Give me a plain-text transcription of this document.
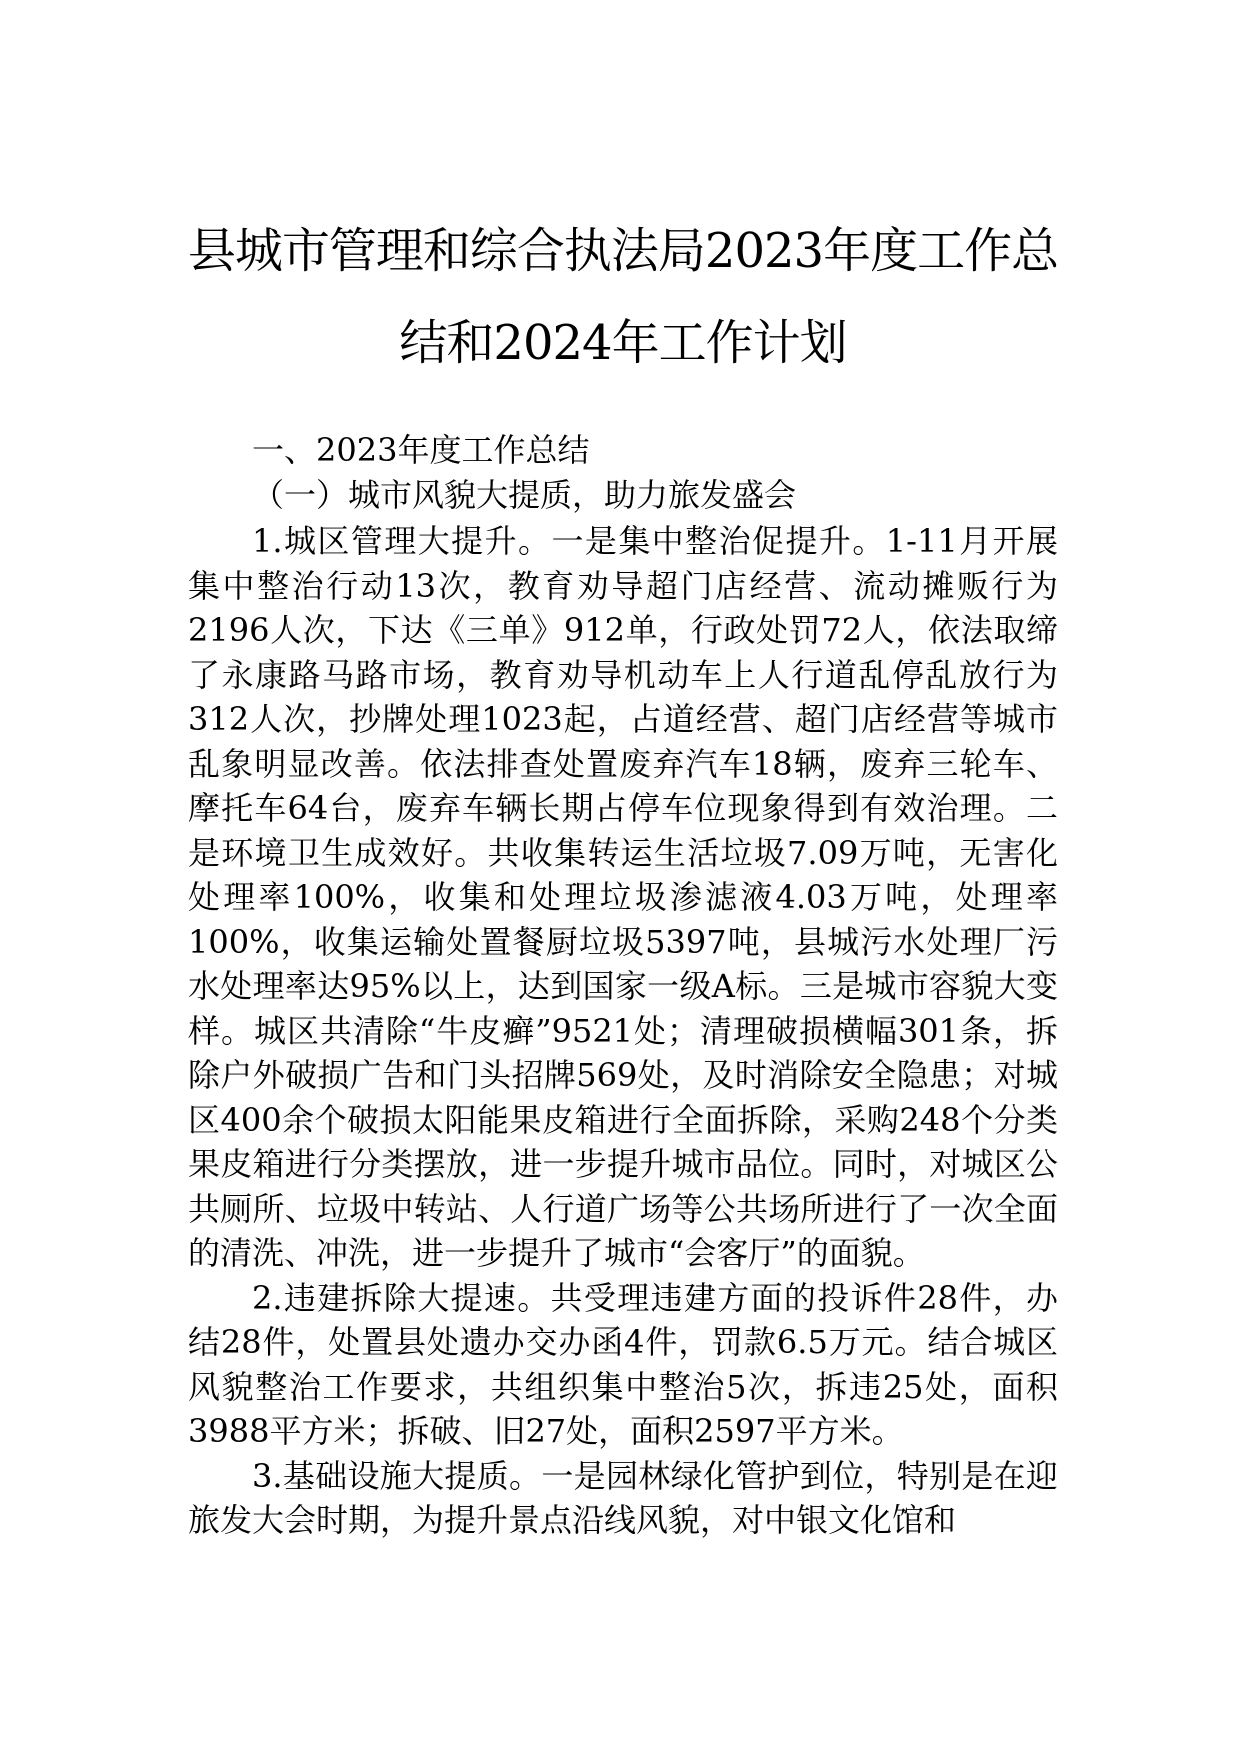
县城市管理和综合执法局2023年度工作总
结和2024年工作计划
一、2023年度工作总结
（一）城市风貌大提质，助力旅发盛会

1.城区管理大提升。一是集中整治促提升。1-11月开展集中整治行动13次，教育劝导超门店经营、流动摊贩行为2196人次，下达《三单》912单，行政处罚72人，依法取缔了永康路马路市场，教育劝导机动车上人行道乱停乱放行为312人次，抄牌处理1023起，占道经营、超门店经营等城市乱象明显改善。依法排查处置废弃汽车18辆，废弃三轮车、摩托车64台，废弃车辆长期占停车位现象得到有效治理。二是环境卫生成效好。共收集转运生活垃圾7.09万吨，无害化处理率100%，收集和处理垃圾渗滤液4.03万吨，处理率100%，收集运输处置餐厨垃圾5397吨，县城污水处理厂污水处理率达95%以上，达到国家一级A标。三是城市容貌大变样。城区共清除“牛皮癣”9521处；清理破损横幅301条，拆除户外破损广告和门头招牌569处，及时消除安全隐患；对城区400余个破损太阳能果皮箱进行全面拆除，采购248个分类果皮箱进行分类摆放，进一步提升城市品位。同时，对城区公共厕所、垃圾中转站、人行道广场等公共场所进行了一次全面的清洗、冲洗，进一步提升了城市“会客厅”的面貌。

2.违建拆除大提速。共受理违建方面的投诉件28件，办结28件，处置县处遗办交办函4件，罚款6.5万元。结合城区风貌整治工作要求，共组织集中整治5次，拆违25处，面积3988平方米；拆破、旧27处，面积2597平方米。

3.基础设施大提质。一是园林绿化管护到位，特别是在迎旅发大会时期，为提升景点沿线风貌，对中银文化馆和
